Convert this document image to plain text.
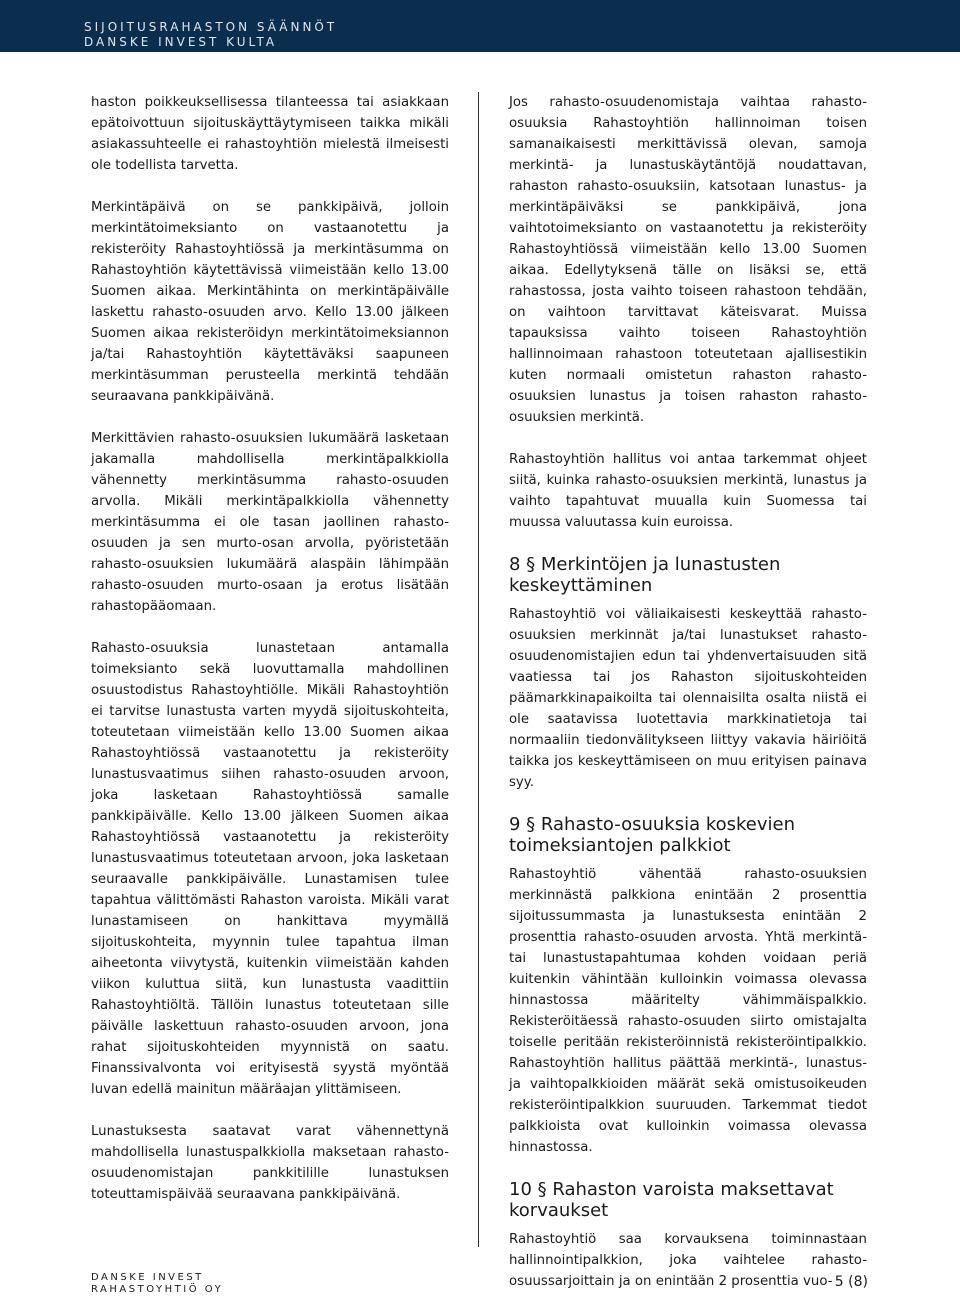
SIJOITUSRAHASTON SÄÄNNÖT
DANSKE INVEST KULTA

haston poikkeuksellisessa tilanteessa tai asiakkaan epätoivottuun sijoituskäyttäytymiseen taikka mikäli asiakassuhteelle ei rahastoyhtiön mielestä ilmeisesti ole todellista tarvetta.

Merkintäpäivä on se pankkipäivä, jolloin merkintätoimeksianto on vastaanotettu ja rekisteröity Rahastoyhtiössä ja merkintäsumma on Rahastoyhtiön käytettävissä viimeistään kello 13.00 Suomen aikaa. Merkintähinta on merkintäpäivälle laskettu rahasto-osuuden arvo. Kello 13.00 jälkeen Suomen aikaa rekisteröidyn merkintätoimeksiannon ja/tai Rahastoyhtiön käytettäväksi saapuneen merkintäsumman perusteella merkintä tehdään seuraavana pankkipäivänä.

Merkittävien rahasto-osuuksien lukumäärä lasketaan jakamalla mahdollisella merkintäpalkkiolla vähennetty merkintäsumma rahasto-osuuden arvolla. Mikäli merkintäpalkkiolla vähennetty merkintäsumma ei ole tasan jaollinen rahasto-osuuden ja sen murto-osan arvolla, pyöristetään rahasto-osuuksien lukumäärä alaspäin lähimpään rahasto-osuuden murto-osaan ja erotus lisätään rahastopääomaan.

Rahasto-osuuksia lunastetaan antamalla toimeksianto sekä luovuttamalla mahdollinen osuustodistus Rahastoyhtiölle. Mikäli Rahastoyhtiön ei tarvitse lunastusta varten myydä sijoituskohteita, toteutetaan viimeistään kello 13.00 Suomen aikaa Rahastoyhtiössä vastaanotettu ja rekisteröity lunastusvaatimus siihen rahasto-osuuden arvoon, joka lasketaan Rahastoyhtiössä samalle pankkipäivälle. Kello 13.00 jälkeen Suomen aikaa Rahastoyhtiössä vastaanotettu ja rekisteröity lunastusvaatimus toteutetaan arvoon, joka lasketaan seuraavalle pankkipäivälle. Lunastamisen tulee tapahtua välittömästi Rahaston varoista. Mikäli varat lunastamiseen on hankittava myymällä sijoituskohteita, myynnin tulee tapahtua ilman aiheetonta viivytystä, kuitenkin viimeistään kahden viikon kuluttua siitä, kun lunastusta vaadittiin Rahastoyhtiöltä. Tällöin lunastus toteutetaan sille päivälle laskettuun rahasto-osuuden arvoon, jona rahat sijoituskohteiden myynnistä on saatu. Finanssivalvonta voi erityisestä syystä myöntää luvan edellä mainitun määräajan ylittämiseen.

Lunastuksesta saatavat varat vähennettynä mahdollisella lunastuspalkkiolla maksetaan rahasto-osuudenomistajan pankkitilille lunastuksen toteuttamispäivää seuraavana pankkipäivänä.

Jos rahasto-osuudenomistaja vaihtaa rahasto-osuuksia Rahastoyhtiön hallinnoiman toisen samanaikaisesti merkittävissä olevan, samoja merkintä- ja lunastuskäytäntöjä noudattavan, rahaston rahasto-osuuksiin, katsotaan lunastus- ja merkintäpäiväksi se pankkipäivä, jona vaihtotoimeksianto on vastaanotettu ja rekisteröity Rahastoyhtiössä viimeistään kello 13.00 Suomen aikaa. Edellytyksenä tälle on lisäksi se, että rahastossa, josta vaihto toiseen rahastoon tehdään, on vaihtoon tarvittavat käteisvarat. Muissa tapauksissa vaihto toiseen Rahastoyhtiön hallinnoimaan rahastoon toteutetaan ajallisestikin kuten normaali omistetun rahaston rahasto-osuuksien lunastus ja toisen rahaston rahasto-osuuksien merkintä.

Rahastoyhtiön hallitus voi antaa tarkemmat ohjeet siitä, kuinka rahasto-osuuksien merkintä, lunastus ja vaihto tapahtuvat muualla kuin Suomessa tai muussa valuutassa kuin euroissa.

8 § Merkintöjen ja lunastusten keskeyttäminen

Rahastoyhtiö voi väliaikaisesti keskeyttää rahasto-osuuksien merkinnät ja/tai lunastukset rahasto-osuudenomistajien edun tai yhdenvertaisuuden sitä vaatiessa tai jos Rahaston sijoituskohteiden päämarkkinapaikoilta tai olennaisilta osalta niistä ei ole saatavissa luotettavia markkinatietoja tai normaaliin tiedonvälitykseen liittyy vakavia häiriöitä taikka jos keskeyttämiseen on muu erityisen painava syy.

9 § Rahasto-osuuksia koskevien toimeksiantojen palkkiot

Rahastoyhtiö vähentää rahasto-osuuksien merkinnästä palkkiona enintään 2 prosenttia sijoitussummasta ja lunastuksesta enintään 2 prosenttia rahasto-osuuden arvosta. Yhtä merkintä- tai lunastustapahtumaa kohden voidaan periä kuitenkin vähintään kulloinkin voimassa olevassa hinnastossa määritelty vähimmäispalkkio. Rekisteröitäessä rahasto-osuuden siirto omistajalta toiselle peritään rekisteröinnistä rekisteröintipalkkio. Rahastoyhtiön hallitus päättää merkintä-, lunastus- ja vaihtopalkkioiden määrät sekä omistusoikeuden rekisteröintipalkkion suuruuden. Tarkemmat tiedot palkkioista ovat kulloinkin voimassa olevassa hinnastossa.

10 § Rahaston varoista maksettavat korvaukset

Rahastoyhtiö saa korvauksena toiminnastaan hallinnointipalkkion, joka vaihtelee rahasto-osuussarjoittain ja on enintään 2 prosenttia vuo-

DANSKE INVEST
RAHASTOYHTIÖ OY	5 (8)
